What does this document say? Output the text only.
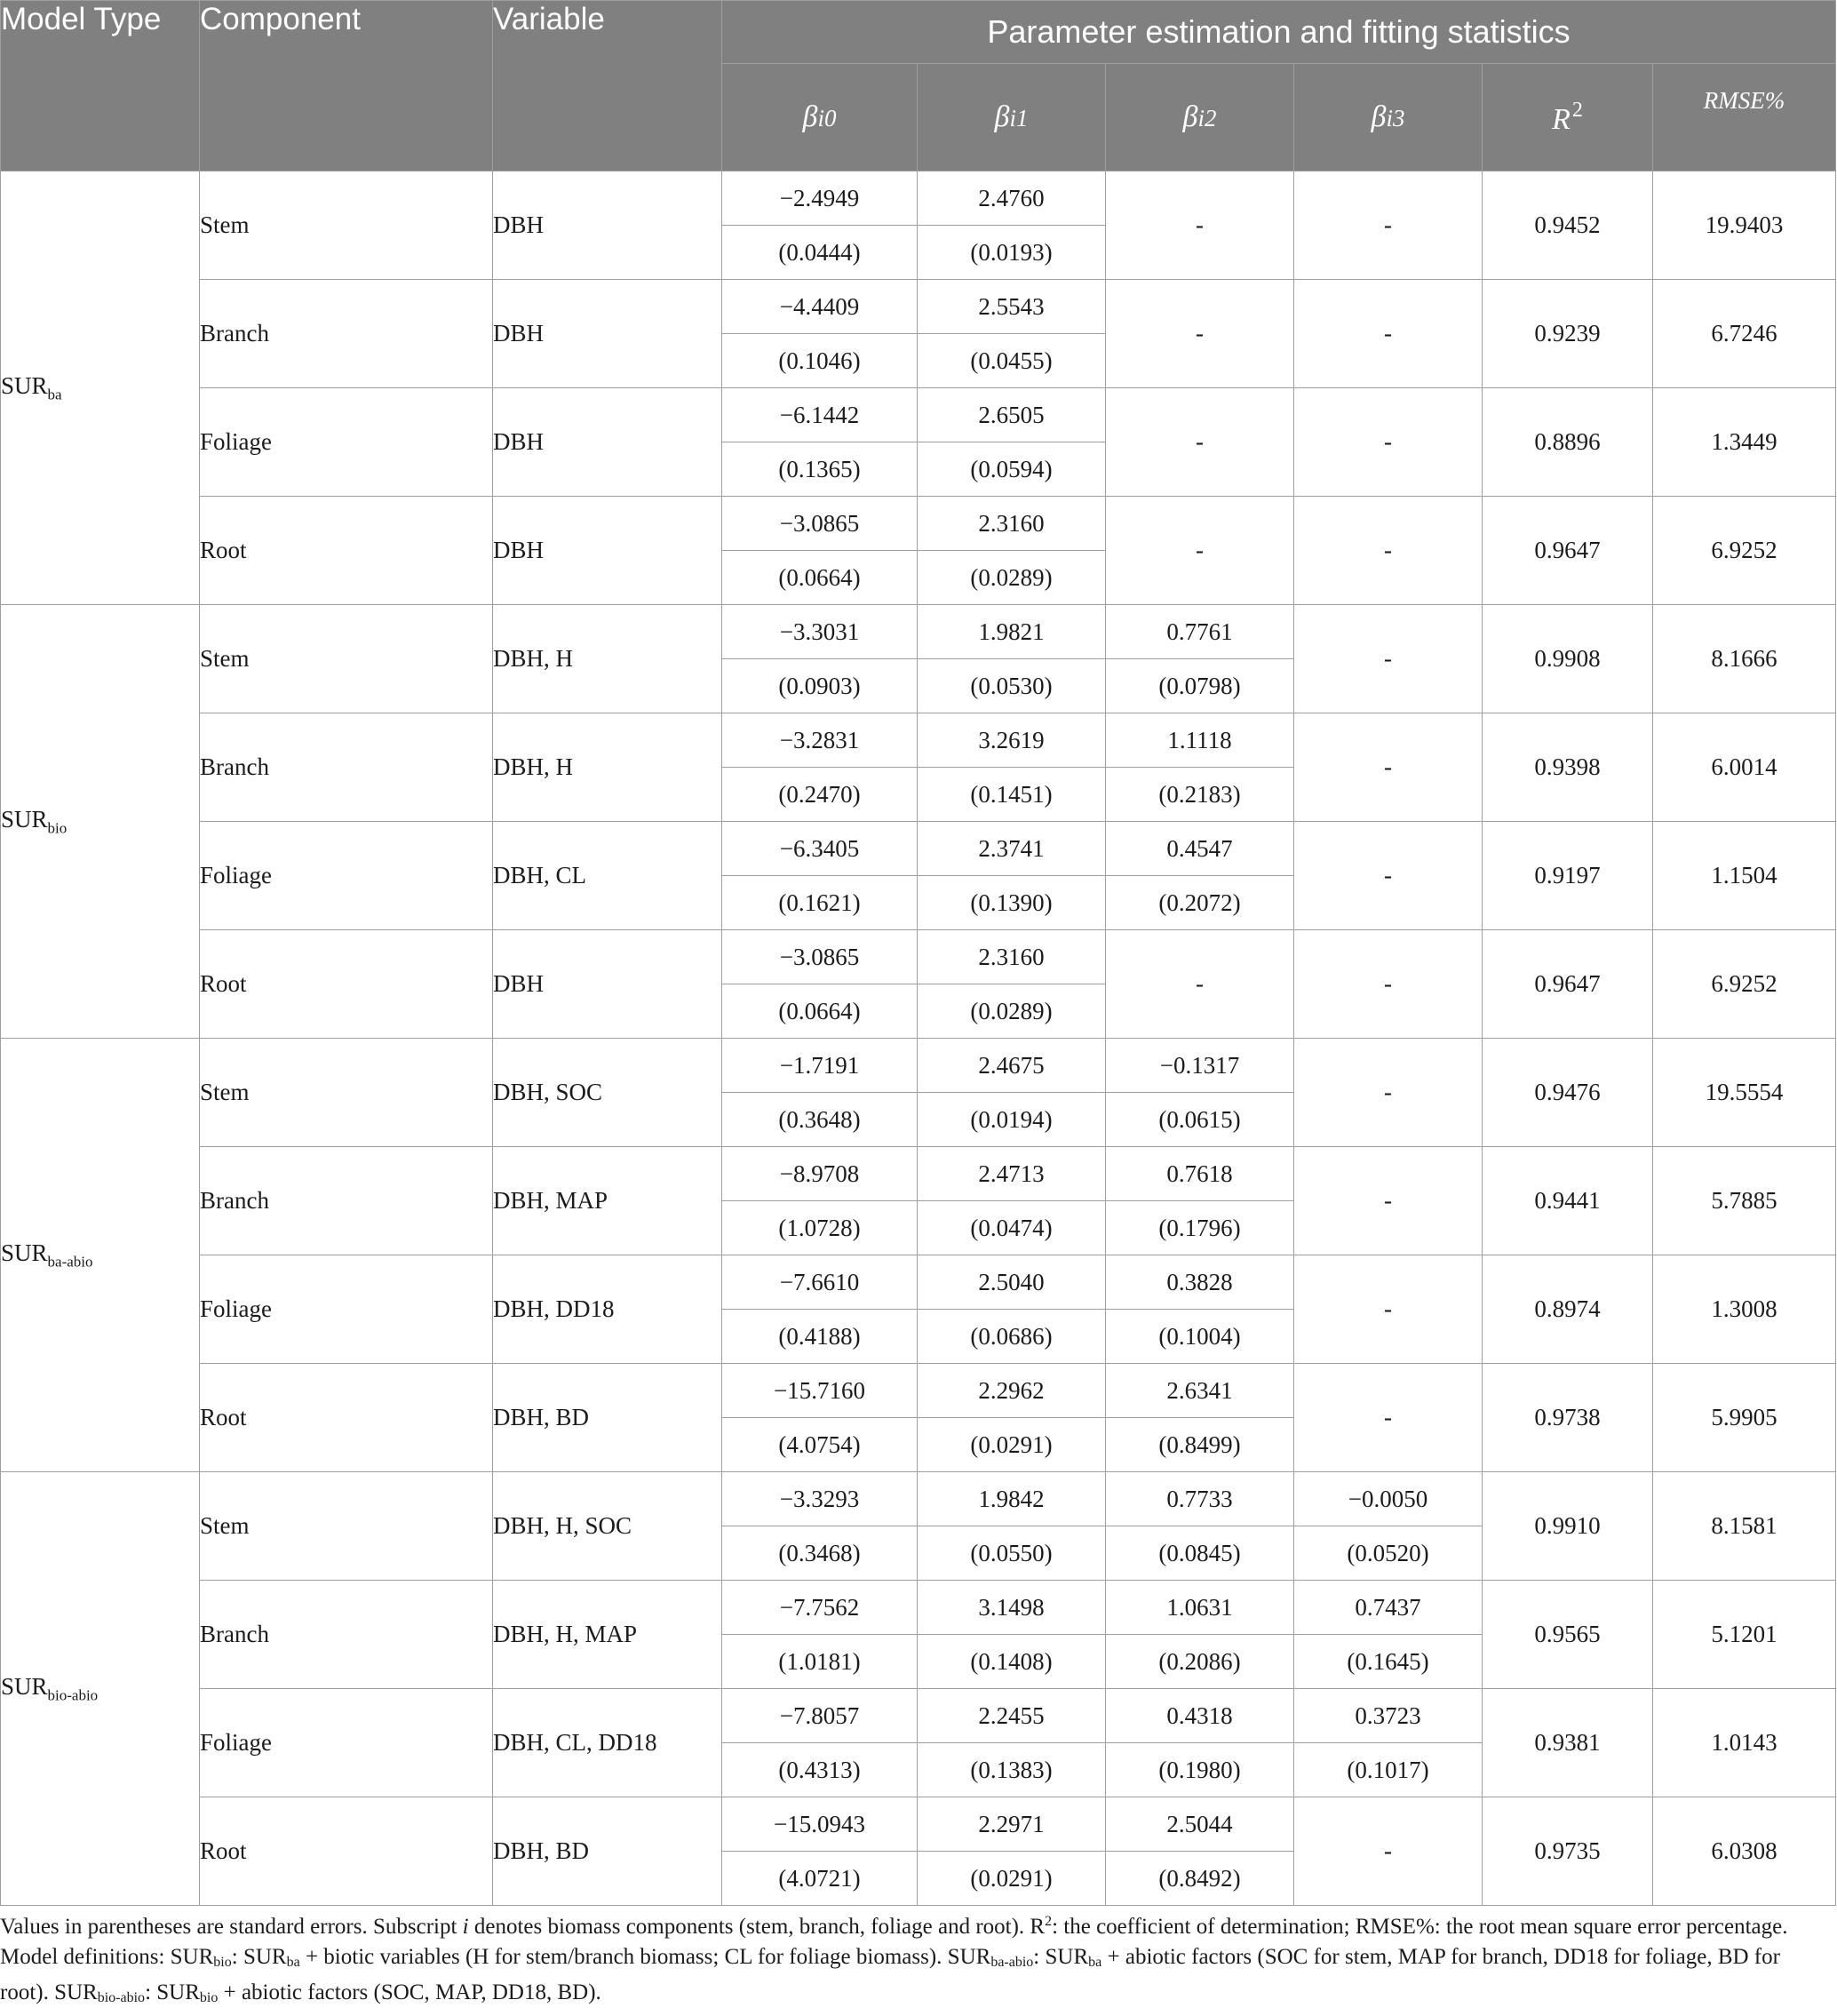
Model Type	Component	Variable	Parameter estimation and fitting statistics					
			βi0	βi1	βi2	βi3	$R^2$	RMSE%
$SUR_{ba}$	Stem	DBH	−2.4949	2.4760	-	-	0.9452	19.9403
			(0.0444)	(0.0193)				
	Branch	DBH	−4.4409	2.5543	-	-	0.9239	6.7246
			(0.1046)	(0.0455)				
	Foliage	DBH	−6.1442	2.6505	-	-	0.8896	1.3449
			(0.1365)	(0.0594)				
	Root	DBH	−3.0865	2.3160	-	-	0.9647	6.9252
			(0.0664)	(0.0289)				
$SUR_{bio}$	Stem	DBH, H	−3.3031	1.9821	0.7761	-	0.9908	8.1666
			(0.0903)	(0.0530)	(0.0798)			
	Branch	DBH, H	−3.2831	3.2619	1.1118	-	0.9398	6.0014
			(0.2470)	(0.1451)	(0.2183)			
	Foliage	DBH, CL	−6.3405	2.3741	0.4547	-	0.9197	1.1504
			(0.1621)	(0.1390)	(0.2072)			
	Root	DBH	−3.0865	2.3160	-	-	0.9647	6.9252
			(0.0664)	(0.0289)				
$SUR_{ba-abio}$	Stem	DBH, SOC	−1.7191	2.4675	−0.1317	-	0.9476	19.5554
			(0.3648)	(0.0194)	(0.0615)			
	Branch	DBH, MAP	−8.9708	2.4713	0.7618	-	0.9441	5.7885
			(1.0728)	(0.0474)	(0.1796)			
	Foliage	DBH, DD18	−7.6610	2.5040	0.3828	-	0.8974	1.3008
			(0.4188)	(0.0686)	(0.1004)			
	Root	DBH, BD	−15.7160	2.2962	2.6341	-	0.9738	5.9905
			(4.0754)	(0.0291)	(0.8499)			
$SUR_{bio-abio}$	Stem	DBH, H, SOC	−3.3293	1.9842	0.7733	−0.0050	0.9910	8.1581
			(0.3468)	(0.0550)	(0.0845)	(0.0520)		
	Branch	DBH, H, MAP	−7.7562	3.1498	1.0631	0.7437	0.9565	5.1201
			(1.0181)	(0.1408)	(0.2086)	(0.1645)		
	Foliage	DBH, CL, DD18	−7.8057	2.2455	0.4318	0.3723	0.9381	1.0143
			(0.4313)	(0.1383)	(0.1980)	(0.1017)		
	Root	DBH, BD	−15.0943	2.2971	2.5044	-	0.9735	6.0308
			(4.0721)	(0.0291)	(0.8492)			

Values in parentheses are standard errors. Subscript i denotes biomass components (stem, branch, foliage and root). $R^2$: the coefficient of determination; RMSE%: the root mean square error percentage. Model definitions: SURbio: SURba + biotic variables (H for stem/branch biomass; CL for foliage biomass). SURba-abio: SURba + abiotic factors (SOC for stem, MAP for branch, DD18 for foliage, BD for root). SURbio-abio: SURbio + abiotic factors (SOC, MAP, DD18, BD).
